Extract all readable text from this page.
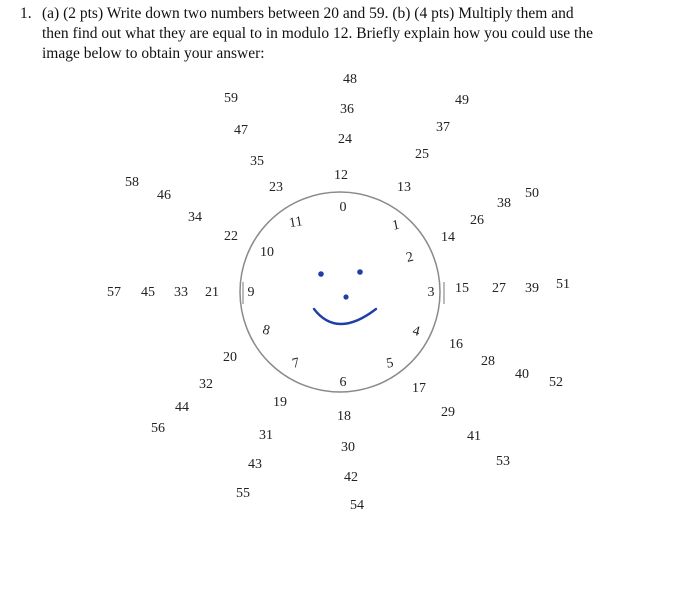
1. (a) (2 pts) Write down two numbers between 20 and 59. (b) (4 pts) Multiply them and
then find out what they are equal to in modulo 12. Briefly explain how you could use the
image below to obtain your answer:
0
12
24
36
48
1
13
25
37
49
2
14
26
38
50
3 15 27 39 51
4
16
28
40
52
5
17
29
41
53
6
18
30
42
54
7
19
31
43
55
8
20
32
44
56
9
21
33
45
57
10
22
34
46
58
11
23
35
47
59
